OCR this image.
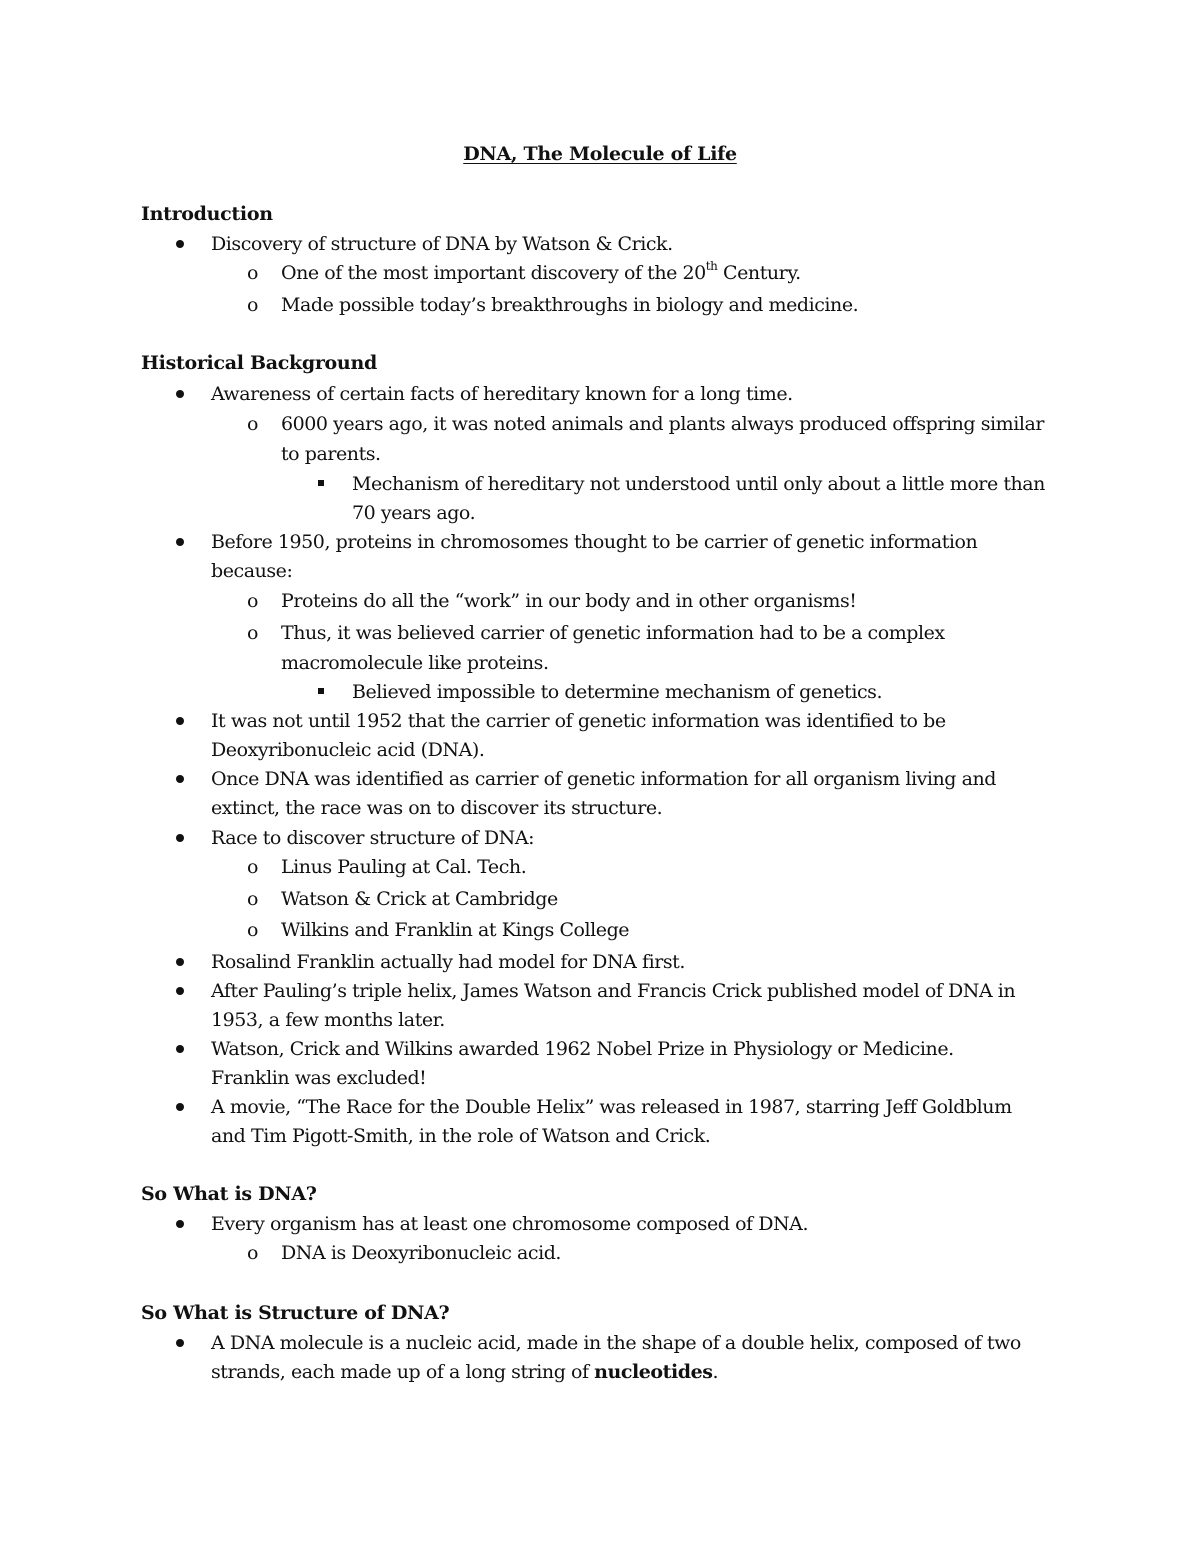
DNA, The Molecule of Life
Introduction
Discovery of structure of DNA by Watson & Crick.
o One of the most important discovery of the 20th Century.
o Made possible today’s breakthroughs in biology and medicine.
Historical Background
Awareness of certain facts of hereditary known for a long time.
o 6000 years ago, it was noted animals and plants always produced offspring similar
to parents.
Mechanism of hereditary not understood until only about a little more than
70 years ago.
Before 1950, proteins in chromosomes thought to be carrier of genetic information
because:
o Proteins do all the “work” in our body and in other organisms!
o Thus, it was believed carrier of genetic information had to be a complex
macromolecule like proteins.
Believed impossible to determine mechanism of genetics.
It was not until 1952 that the carrier of genetic information was identified to be
Deoxyribonucleic acid (DNA).
Once DNA was identified as carrier of genetic information for all organism living and
extinct, the race was on to discover its structure.
Race to discover structure of DNA:
o Linus Pauling at Cal. Tech.
o Watson & Crick at Cambridge
o Wilkins and Franklin at Kings College
Rosalind Franklin actually had model for DNA first.
After Pauling’s triple helix, James Watson and Francis Crick published model of DNA in
1953, a few months later.
Watson, Crick and Wilkins awarded 1962 Nobel Prize in Physiology or Medicine.
Franklin was excluded!
A movie, “The Race for the Double Helix” was released in 1987, starring Jeff Goldblum
and Tim Pigott-Smith, in the role of Watson and Crick.
So What is DNA?
Every organism has at least one chromosome composed of DNA.
o DNA is Deoxyribonucleic acid.
So What is Structure of DNA?
A DNA molecule is a nucleic acid, made in the shape of a double helix, composed of two
strands, each made up of a long string of nucleotides.
